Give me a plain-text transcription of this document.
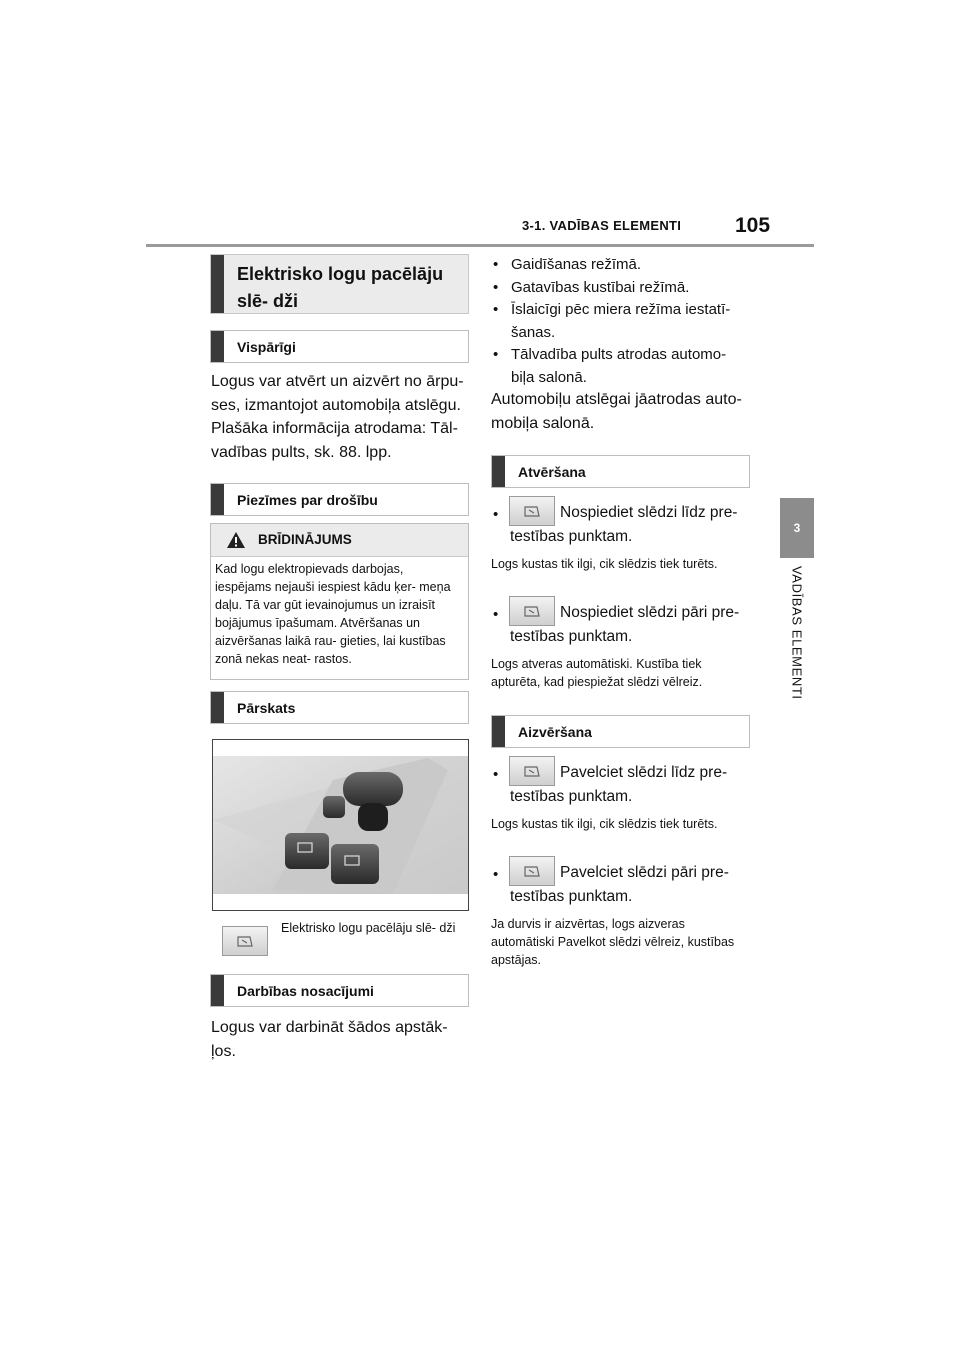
3-1. VADĪBAS ELEMENTI	105
3
VADĪBAS ELEMENTI
Elektrisko logu pacēlāju slē- dži
Vispārīgi
Logus var atvērt un aizvērt no ārpu- ses, izmantojot automobiļa atslēgu.
Plašāka informācija atrodama: Tāl- vadības pults, sk. 88. lpp.
Piezīmes par drošību
BRĪDINĀJUMS
Kad logu elektropievads darbojas, iespējams nejauši iespiest kādu ķer- meņa daļu. Tā var gūt ievainojumus un izraisīt bojājumus īpašumam. Atvēršanas un aizvēršanas laikā rau- gieties, lai kustības zonā nekas neat- rastos.
Pārskats
Elektrisko logu pacēlāju slē- dži
Darbības nosacījumi
Logus var darbināt šādos apstāk- ļos.
• Gaidīšanas režīmā.
• Gatavības kustībai režīmā.
• Īslaicīgi pēc miera režīma iestatī- šanas.
• Tālvadība pults atrodas automo- biļa salonā.
Automobiļu atslēgai jāatrodas auto- mobiļa salonā.
Atvēršana
•	Nospiediet slēdzi līdz pre- testības punktam.
Logs kustas tik ilgi, cik slēdzis tiek turēts.
•	Nospiediet slēdzi pāri pre- testības punktam.
Logs atveras automātiski. Kustība tiek apturēta, kad piespiežat slēdzi vēlreiz.
Aizvēršana
•	Pavelciet slēdzi līdz pre- testības punktam.
Logs kustas tik ilgi, cik slēdzis tiek turēts.
•	Pavelciet slēdzi pāri pre- testības punktam.
Ja durvis ir aizvērtas, logs aizveras automātiski Pavelkot slēdzi vēlreiz, kustības apstājas.
